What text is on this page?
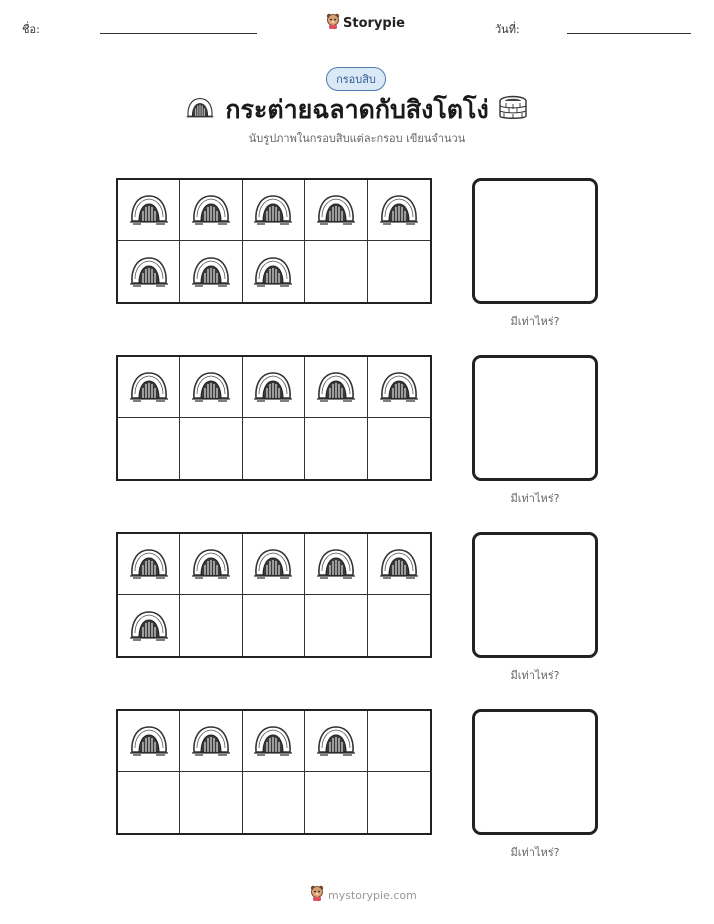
ชื่อ:	Storypie	วันที่:
กรอบสิบ
กระต่ายฉลาดกับสิงโตโง่
นับรูปภาพในกรอบสิบแต่ละกรอบ เขียนจำนวน
มีเท่าไหร่?
มีเท่าไหร่?
มีเท่าไหร่?
มีเท่าไหร่?
mystorypie.com
